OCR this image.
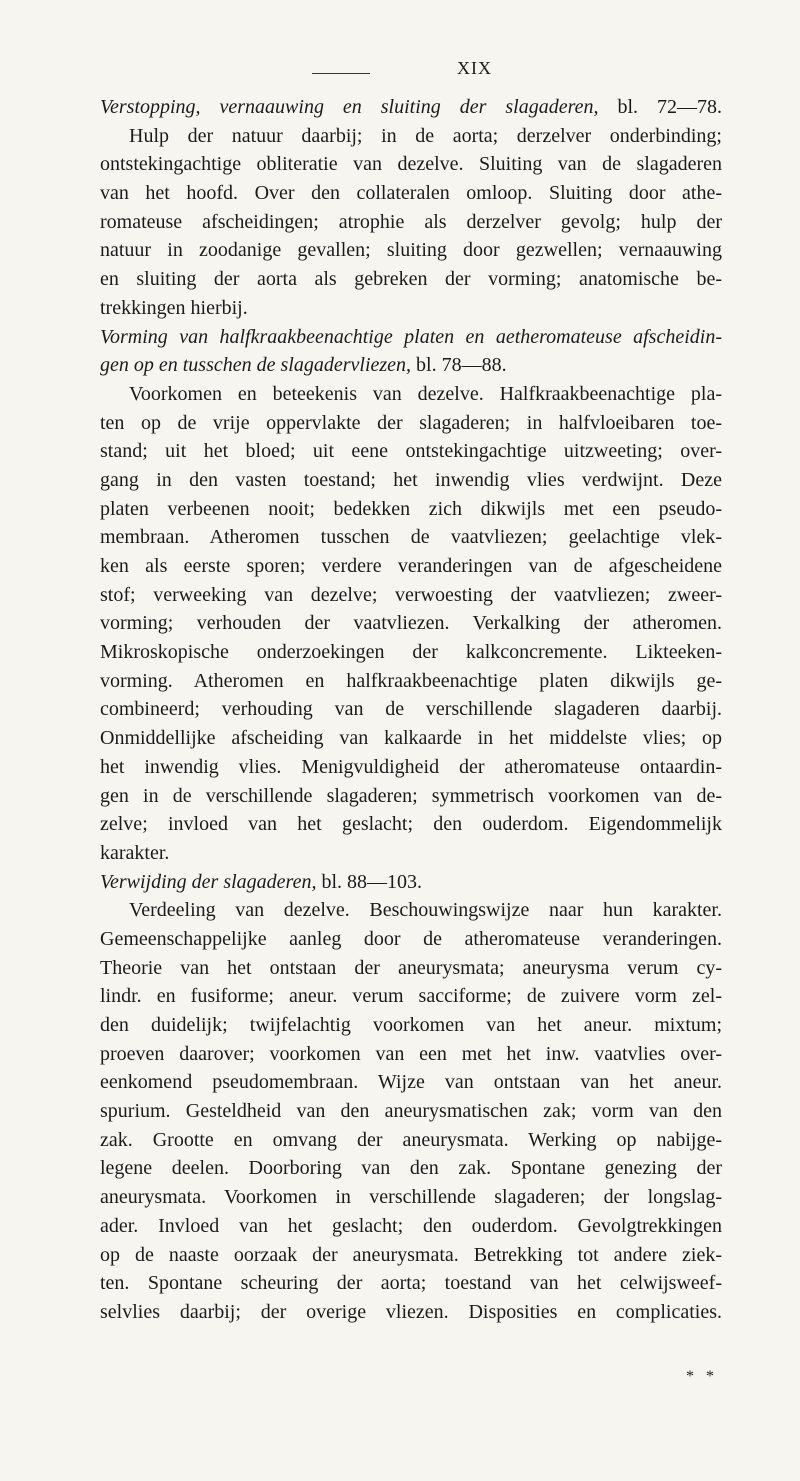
XIX
Verstopping, vernaauwing en sluiting der slagaderen, bl. 72—78.
Hulp der natuur daarbij; in de aorta; derzelver onderbinding;
ontstekingachtige obliteratie van dezelve. Sluiting van de slagaderen
van het hoofd. Over den collateralen omloop. Sluiting door athe-
romateuse afscheidingen; atrophie als derzelver gevolg; hulp der
natuur in zoodanige gevallen; sluiting door gezwellen; vernaauwing
en sluiting der aorta als gebreken der vorming; anatomische be-
trekkingen hierbij.
Vorming van halfkraakbeenachtige platen en aetheromateuse afscheidin-
gen op en tusschen de slagadervliezen, bl. 78—88.
Voorkomen en beteekenis van dezelve. Halfkraakbeenachtige pla-
ten op de vrije oppervlakte der slagaderen; in halfvloeibaren toe-
stand; uit het bloed; uit eene ontstekingachtige uitzweeting; over-
gang in den vasten toestand; het inwendig vlies verdwijnt. Deze
platen verbeenen nooit; bedekken zich dikwijls met een pseudo-
membraan. Atheromen tusschen de vaatvliezen; geelachtige vlek-
ken als eerste sporen; verdere veranderingen van de afgescheidene
stof; verweeking van dezelve; verwoesting der vaatvliezen; zweer-
vorming; verhouden der vaatvliezen. Verkalking der atheromen.
Mikroskopische onderzoekingen der kalkconcremente. Likteeken-
vorming. Atheromen en halfkraakbeenachtige platen dikwijls ge-
combineerd; verhouding van de verschillende slagaderen daarbij.
Onmiddellijke afscheiding van kalkaarde in het middelste vlies; op
het inwendig vlies. Menigvuldigheid der atheromateuse ontaardin-
gen in de verschillende slagaderen; symmetrisch voorkomen van de-
zelve; invloed van het geslacht; den ouderdom. Eigendommelijk
karakter.
Verwijding der slagaderen, bl. 88—103.
Verdeeling van dezelve. Beschouwingswijze naar hun karakter.
Gemeenschappelijke aanleg door de atheromateuse veranderingen.
Theorie van het ontstaan der aneurysmata; aneurysma verum cy-
lindr. en fusiforme; aneur. verum sacciforme; de zuivere vorm zel-
den duidelijk; twijfelachtig voorkomen van het aneur. mixtum;
proeven daarover; voorkomen van een met het inw. vaatvlies over-
eenkomend pseudomembraan. Wijze van ontstaan van het aneur.
spurium. Gesteldheid van den aneurysmatischen zak; vorm van den
zak. Grootte en omvang der aneurysmata. Werking op nabijge-
legene deelen. Doorboring van den zak. Spontane genezing der
aneurysmata. Voorkomen in verschillende slagaderen; der longslag-
ader. Invloed van het geslacht; den ouderdom. Gevolgtrekkingen
op de naaste oorzaak der aneurysmata. Betrekking tot andere ziek-
ten. Spontane scheuring der aorta; toestand van het celwijsweef-
selvlies daarbij; der overige vliezen. Disposities en complicaties.
* *
